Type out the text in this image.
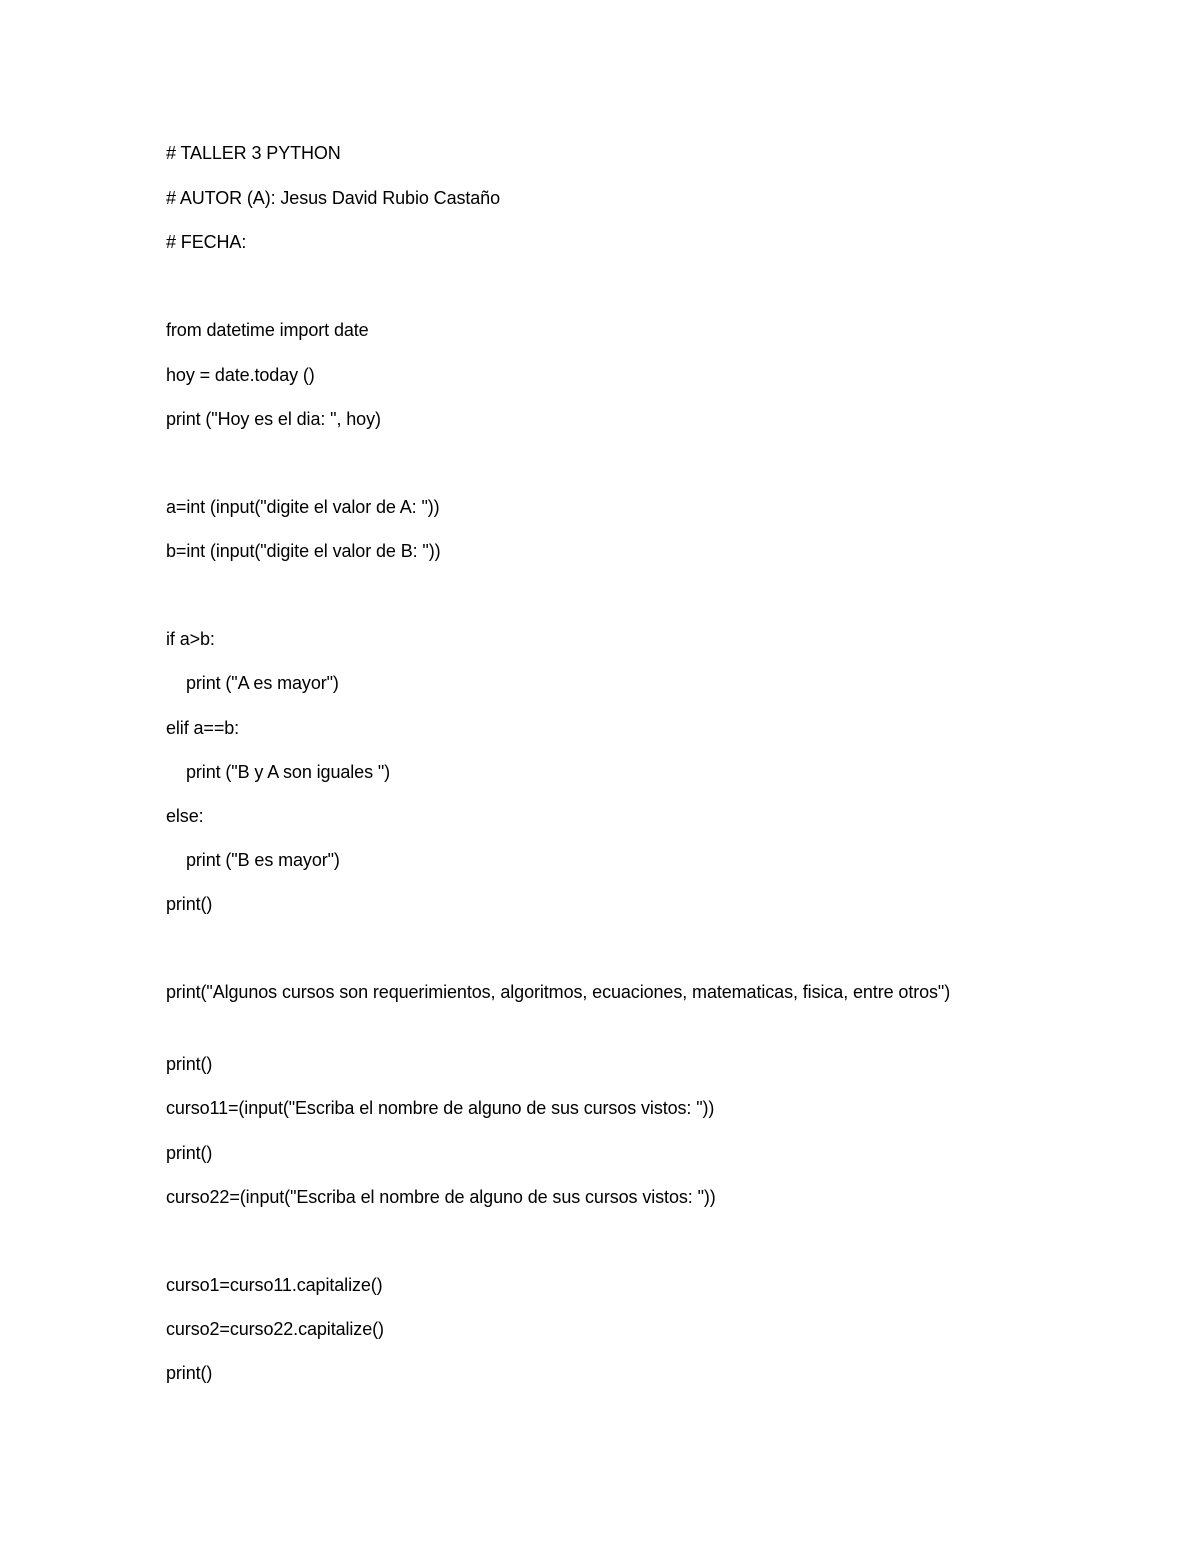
# TALLER 3 PYTHON
# AUTOR (A): Jesus David Rubio Castaño
# FECHA:
from datetime import date
hoy = date.today ()
print ("Hoy es el dia: ", hoy)
a=int (input("digite el valor de A: "))
b=int (input("digite el valor de B: "))
if a>b:
print ("A es mayor")
elif a==b:
print ("B y A son iguales ")
else:
print ("B es mayor")
print()
print("Algunos cursos son requerimientos, algoritmos, ecuaciones, matematicas, fisica, entre otros")
print()
curso11=(input("Escriba el nombre de alguno de sus cursos vistos: "))
print()
curso22=(input("Escriba el nombre de alguno de sus cursos vistos: "))
curso1=curso11.capitalize()
curso2=curso22.capitalize()
print()
